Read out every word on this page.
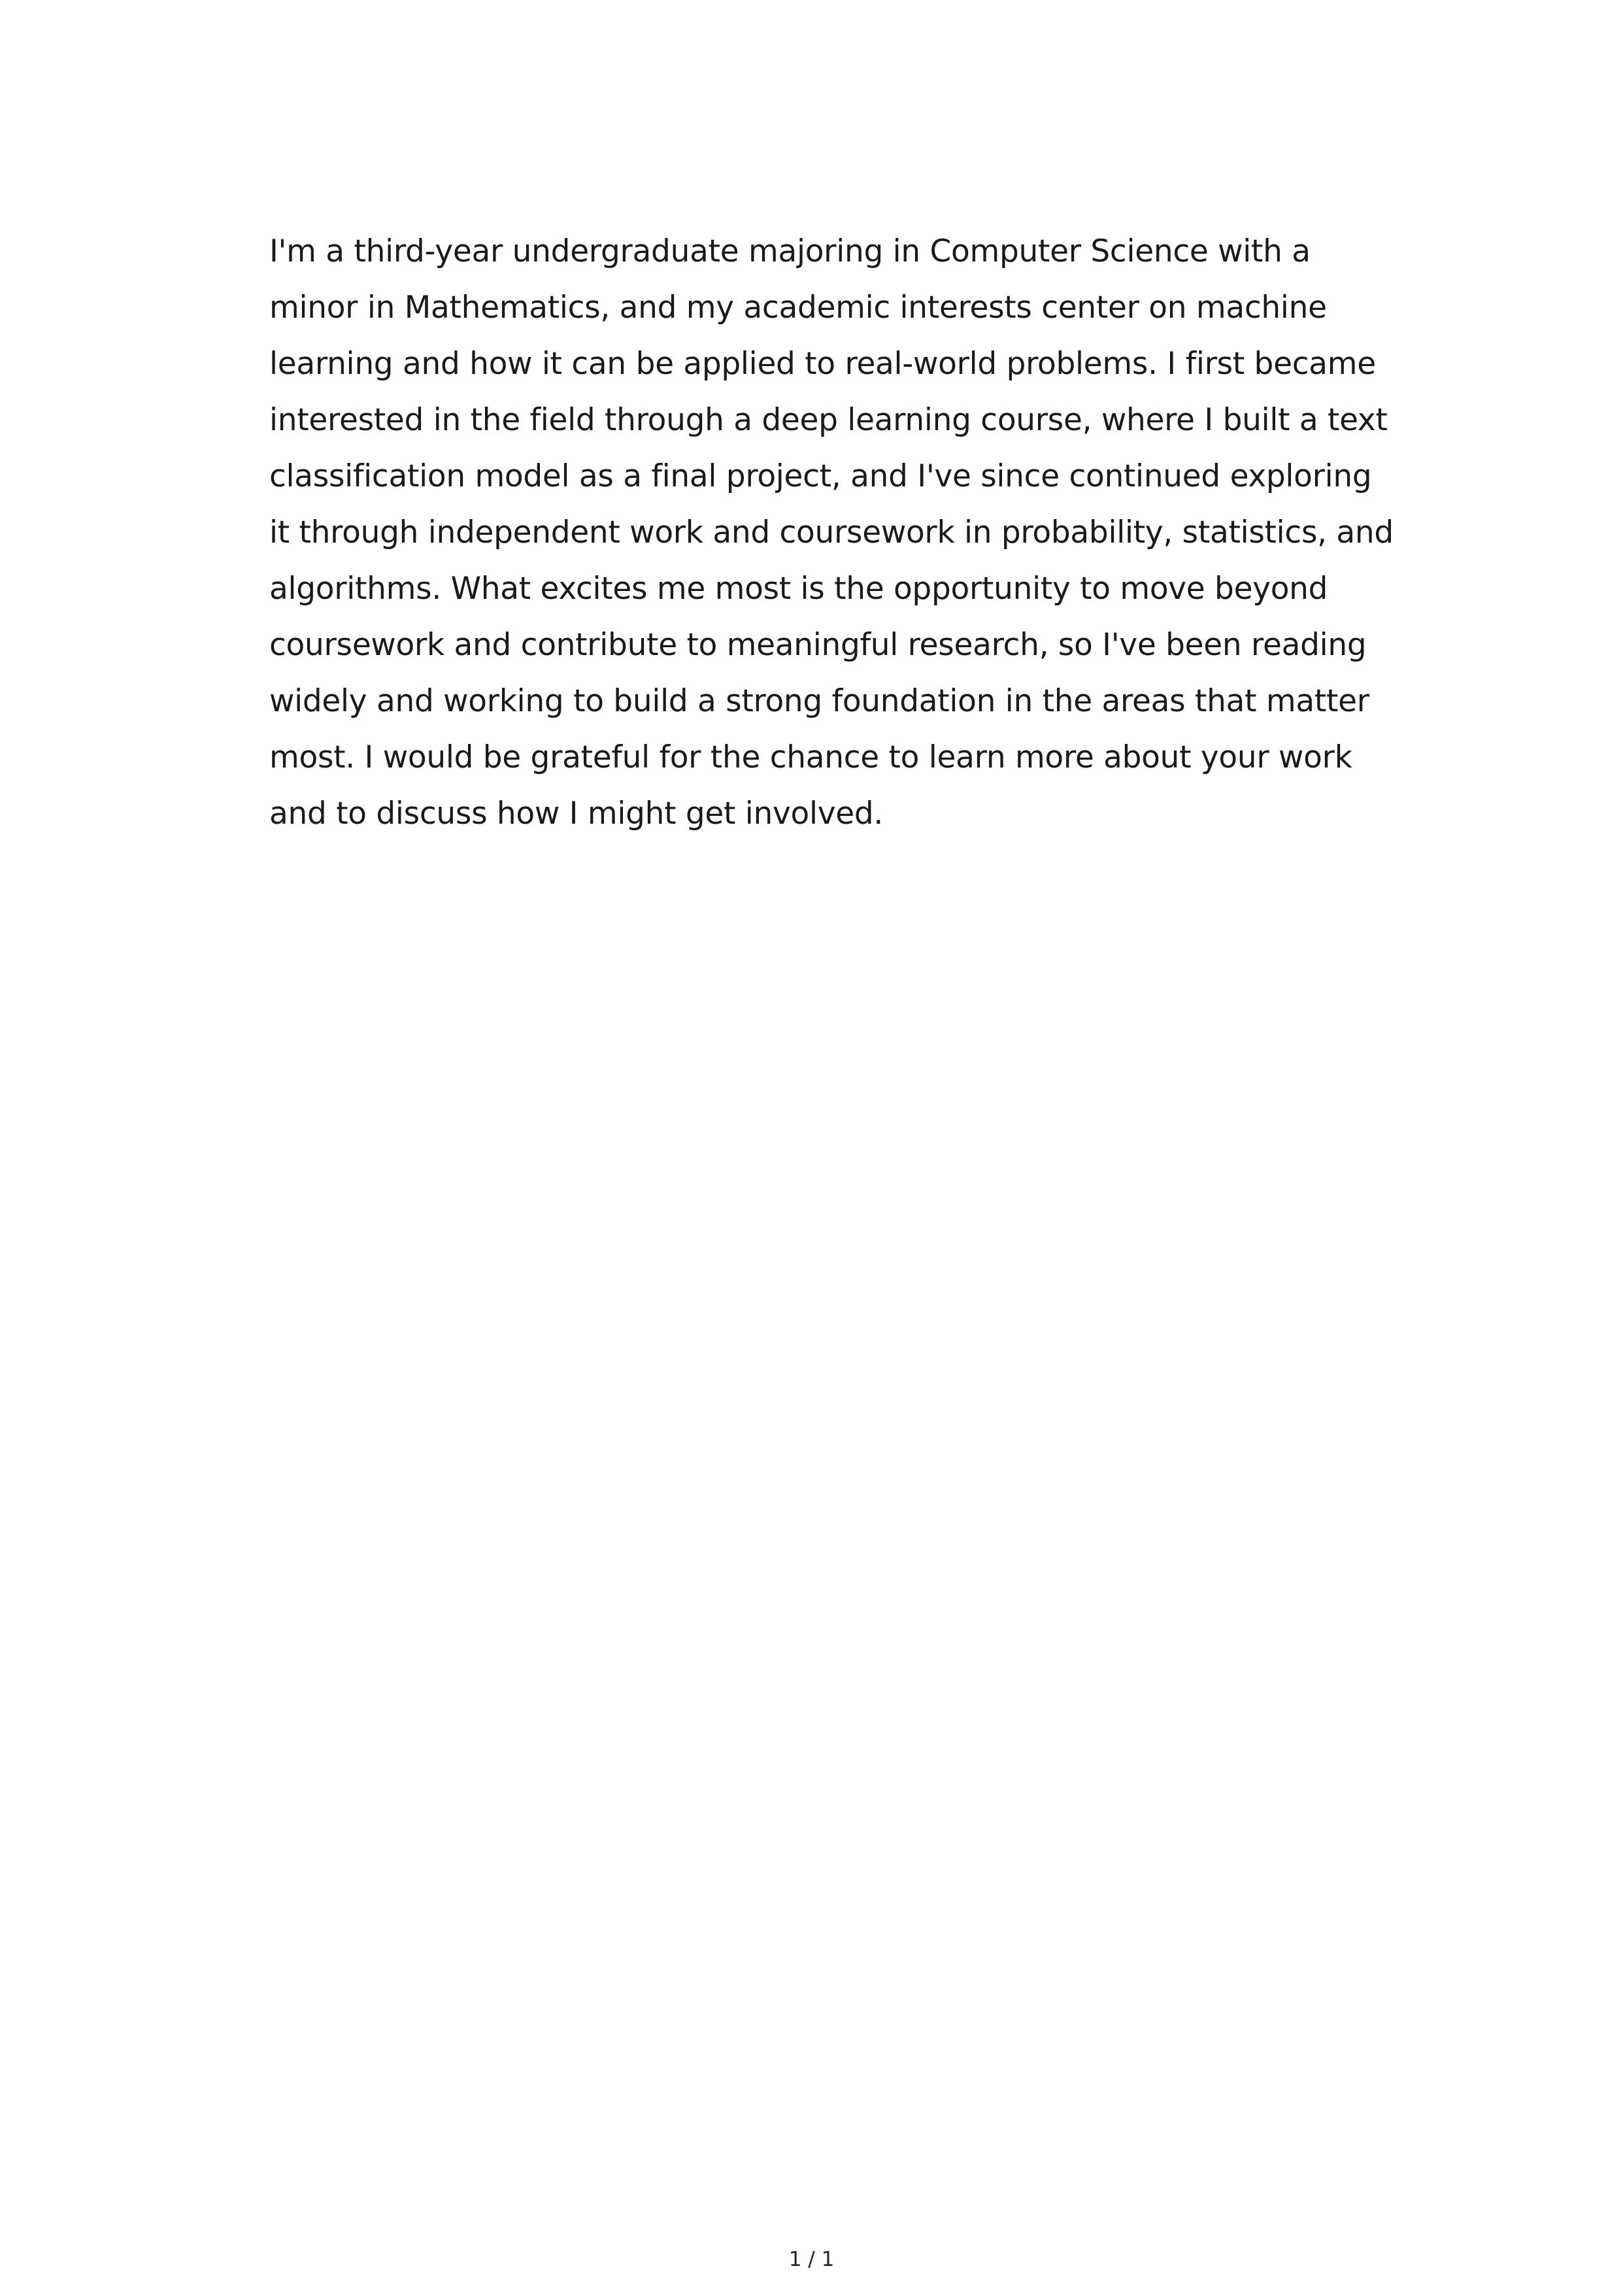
I'm a third-year undergraduate majoring in Computer Science with a
minor in Mathematics, and my academic interests center on machine
learning and how it can be applied to real-world problems. I first became
interested in the field through a deep learning course, where I built a text
classification model as a final project, and I've since continued exploring
it through independent work and coursework in probability, statistics, and
algorithms. What excites me most is the opportunity to move beyond
coursework and contribute to meaningful research, so I've been reading
widely and working to build a strong foundation in the areas that matter
most. I would be grateful for the chance to learn more about your work
and to discuss how I might get involved.

1 / 1
